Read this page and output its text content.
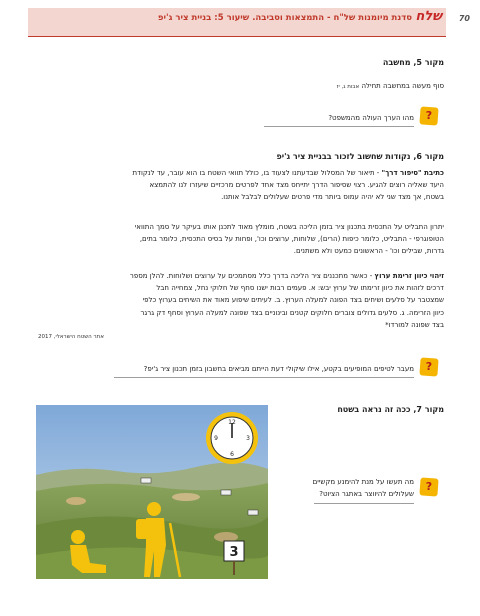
סדנת מיומנות של"ח - התמצאות וסביבה. שיעור 5: בניית ציר ג'יפ שלח 70
מקור 5, מחשבה
סוף מעשה במחשבה תחילה אבות ג, יז
?
מהו הערך העולה מהמשפט?
מקור 6, נקודות שחשוב לזכור בבניית ציר ג'יפ
כתיבת "סיפור דרך" - תיאור של המסלול שבדעתנו לצעוד בו, כולל תוואי השטח בו הוא עובר, עד לנקודת
היעד שאליה רוצים להגיע. רצוי שסיפור הדרך יתייחס מצד אחד לפרטים מרכזיים שיעזרו לנו להתמצא
בשטח, אך מצד שני לא יהיה עמוס ביותר מדי פרטים שעלולים לבלבל אותנו.
יתרון התבליט על התכסית בתכנון ציר בזמן הליכה בשטח, מומלץ מאוד לתכנן אותו בעיקר על סמך התוואי
הטופוגרפי - התבליט, כלומר כיפות (הרים), שלוחות, ערוצים וכו', ופחות על בסיס התכסית, כלומר בתים,
גדרות, שבילים וכו' - הראשונים כמעט ולא משתנים.
זיהוי כיוון זרימת ערוץ - כאשר מתכננים ציר הליכה בדרך כלל מסתמכים על ערוצים ושלוחות. להלן מספר
דרכים לזהות את כיוון זרימתו של ערוץ יבש: א. פעמים רבות ישנו סחף של חלוקי נחל, צמחייה חבל
שמצטבר על סלעים ושיחים בצד הפונה למעלה הערוץ. ב. לעיתים שיפוע מאוד את השיחים בערוץ כלפי
כיוון הזרימה. ג. סלעים גדולים צוברים חלוקים קטנים ובינוניים בצד שפונה למעלה הערוץ וסחף דק גרגר
בצד שפונה למורדו*
אתר השטח הישראלי, 2017
?
מעבר לטיפים המופיעים בקטע, אילו שיקולי דעת הייתם מביאים בחשבון בזמן תכנון ציר ג'יפ?
מקור 7, ככה זה נראה בשטח
?
מה תעשו על מנת להימנע מקשיים
שעלולים להיווצר באתגר הציוט?
12
3
6
9
3
